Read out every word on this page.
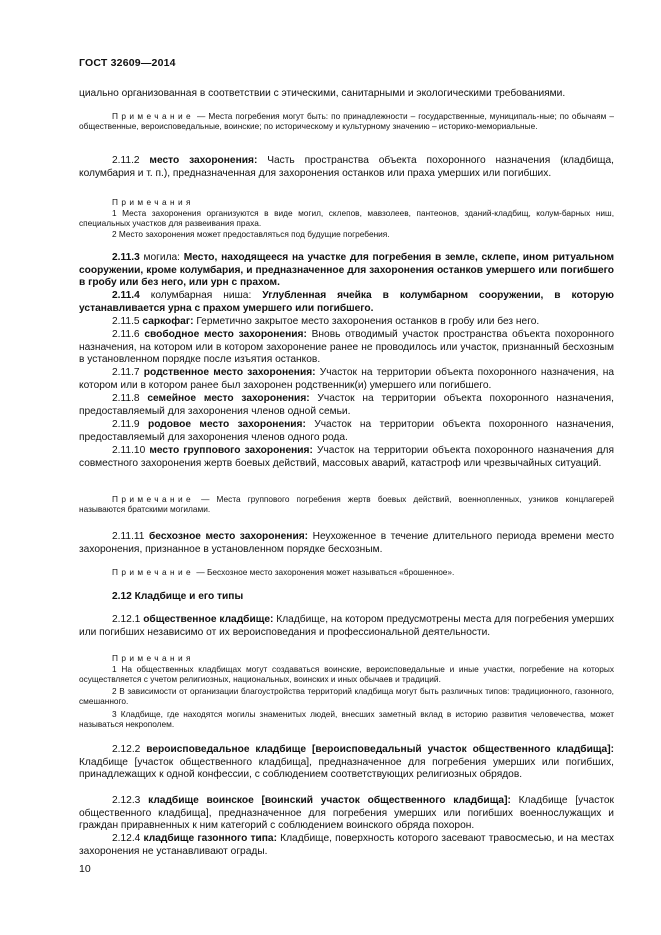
ГОСТ 32609—2014
циально организованная в соответствии с этическими, санитарными и экологическими требованиями.
Примечание — Места погребения могут быть: по принадлежности – государственные, муниципаль-ные; по обычаям – общественные, вероисповедальные, воинские; по историческому и культурному значению – историко-мемориальные.
2.11.2 место захоронения: Часть пространства объекта похоронного назначения (кладбища, колумбария и т. п.), предназначенная для захоронения останков или праха умерших или погибших.
Примечания
1 Места захоронения организуются в виде могил, склепов, мавзолеев, пантеонов, зданий-кладбищ, колум-барных ниш, специальных участков для развеивания праха.
2 Место захоронения может предоставляться под будущие погребения.
2.11.3 могила: Место, находящееся на участке для погребения в земле, склепе, ином ритуальном сооружении, кроме колумбария, и предназначенное для захоронения останков умершего или погибшего в гробу или без него, или урн с прахом.
2.11.4 колумбарная ниша: Углубленная ячейка в колумбарном сооружении, в которую устанавливается урна с прахом умершего или погибшего.
2.11.5 саркофаг: Герметично закрытое место захоронения останков в гробу или без него.
2.11.6 свободное место захоронения: Вновь отводимый участок пространства объекта похоронного назначения, на котором или в котором захоронение ранее не проводилось или участок, признанный бесхозным в установленном порядке после изъятия останков.
2.11.7 родственное место захоронения: Участок на территории объекта похоронного назначения, на котором или в котором ранее был захоронен родственник(и) умершего или погибшего.
2.11.8 семейное место захоронения: Участок на территории объекта похоронного назначения, предоставляемый для захоронения членов одной семьи.
2.11.9 родовое место захоронения: Участок на территории объекта похоронного назначения, предоставляемый для захоронения членов одного рода.
2.11.10 место группового захоронения: Участок на территории объекта похоронного назначения для совместного захоронения жертв боевых действий, массовых аварий, катастроф или чрезвычайных ситуаций.
Примечание — Места группового погребения жертв боевых действий, военнопленных, узников концлагерей называются братскими могилами.
2.11.11 бесхозное место захоронения: Неухоженное в течение длительного периода времени место захоронения, признанное в установленном порядке бесхозным.
Примечание — Бесхозное место захоронения может называться «брошенное».
2.12 Кладбище и его типы
2.12.1 общественное кладбище: Кладбище, на котором предусмотрены места для погребения умерших или погибших независимо от их вероисповедания и профессиональной деятельности.
Примечания
1 На общественных кладбищах могут создаваться воинские, вероисповедальные и иные участки, погребение на которых осуществляется с учетом религиозных, национальных, воинских и иных обычаев и традиций.
2 В зависимости от организации благоустройства территорий кладбища могут быть различных типов: традиционного, газонного, смешанного.
3 Кладбище, где находятся могилы знаменитых людей, внесших заметный вклад в историю развития человечества, может называться некрополем.
2.12.2 вероисповедальное кладбище [вероисповедальный участок общественного кладбища]: Кладбище [участок общественного кладбища], предназначенное для погребения умерших или погибших, принадлежащих к одной конфессии, с соблюдением соответствующих религиозных обрядов.
2.12.3 кладбище воинское [воинский участок общественного кладбища]: Кладбище [участок общественного кладбища], предназначенное для погребения умерших или погибших военнослужащих и граждан приравненных к ним категорий с соблюдением воинского обряда похорон.
2.12.4 кладбище газонного типа: Кладбище, поверхность которого засевают травосмесью, и на местах захоронения не устанавливают ограды.
10
